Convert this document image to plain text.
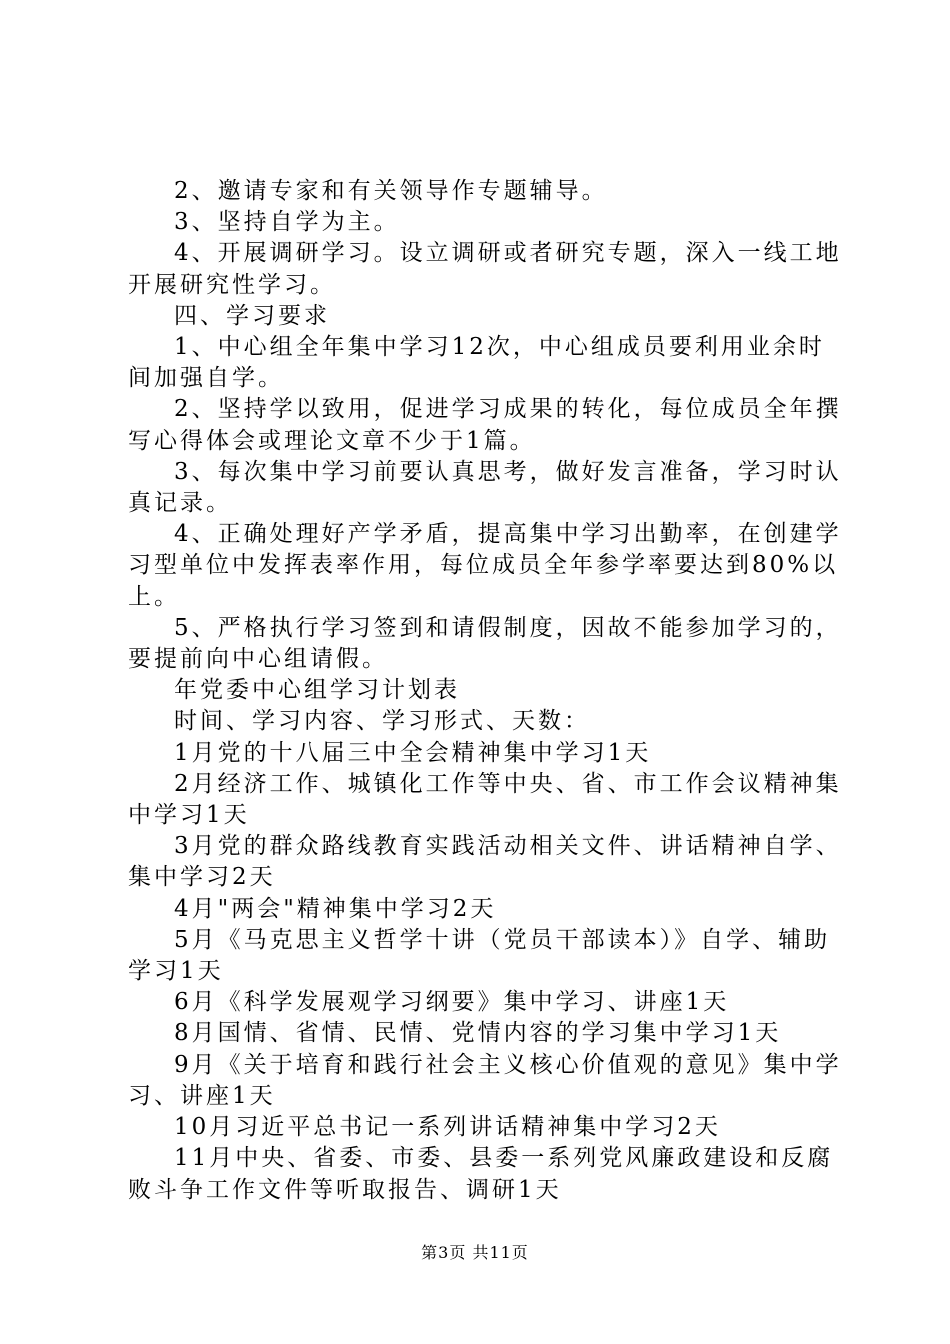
2、邀请专家和有关领导作专题辅导。

3、坚持自学为主。

4、开展调研学习。设立调研或者研究专题，深入一线工地开展研究性学习。

四、学习要求

1、中心组全年集中学习12次，中心组成员要利用业余时间加强自学。

2、坚持学以致用，促进学习成果的转化，每位成员全年撰写心得体会或理论文章不少于1篇。

3、每次集中学习前要认真思考，做好发言准备，学习时认真记录。

4、正确处理好产学矛盾，提高集中学习出勤率，在创建学习型单位中发挥表率作用，每位成员全年参学率要达到80%以上。

5、严格执行学习签到和请假制度，因故不能参加学习的，要提前向中心组请假。

年党委中心组学习计划表

时间、学习内容、学习形式、天数：

1月党的十八届三中全会精神集中学习1天

2月经济工作、城镇化工作等中央、省、市工作会议精神集中学习1天

3月党的群众路线教育实践活动相关文件、讲话精神自学、集中学习2天

4月"两会"精神集中学习2天

5月《马克思主义哲学十讲（党员干部读本）》自学、辅助学习1天

6月《科学发展观学习纲要》集中学习、讲座1天

8月国情、省情、民情、党情内容的学习集中学习1天

9月《关于培育和践行社会主义核心价值观的意见》集中学习、讲座1天

10月习近平总书记一系列讲话精神集中学习2天

11月中央、省委、市委、县委一系列党风廉政建设和反腐败斗争工作文件等听取报告、调研1天

第3页 共11页
